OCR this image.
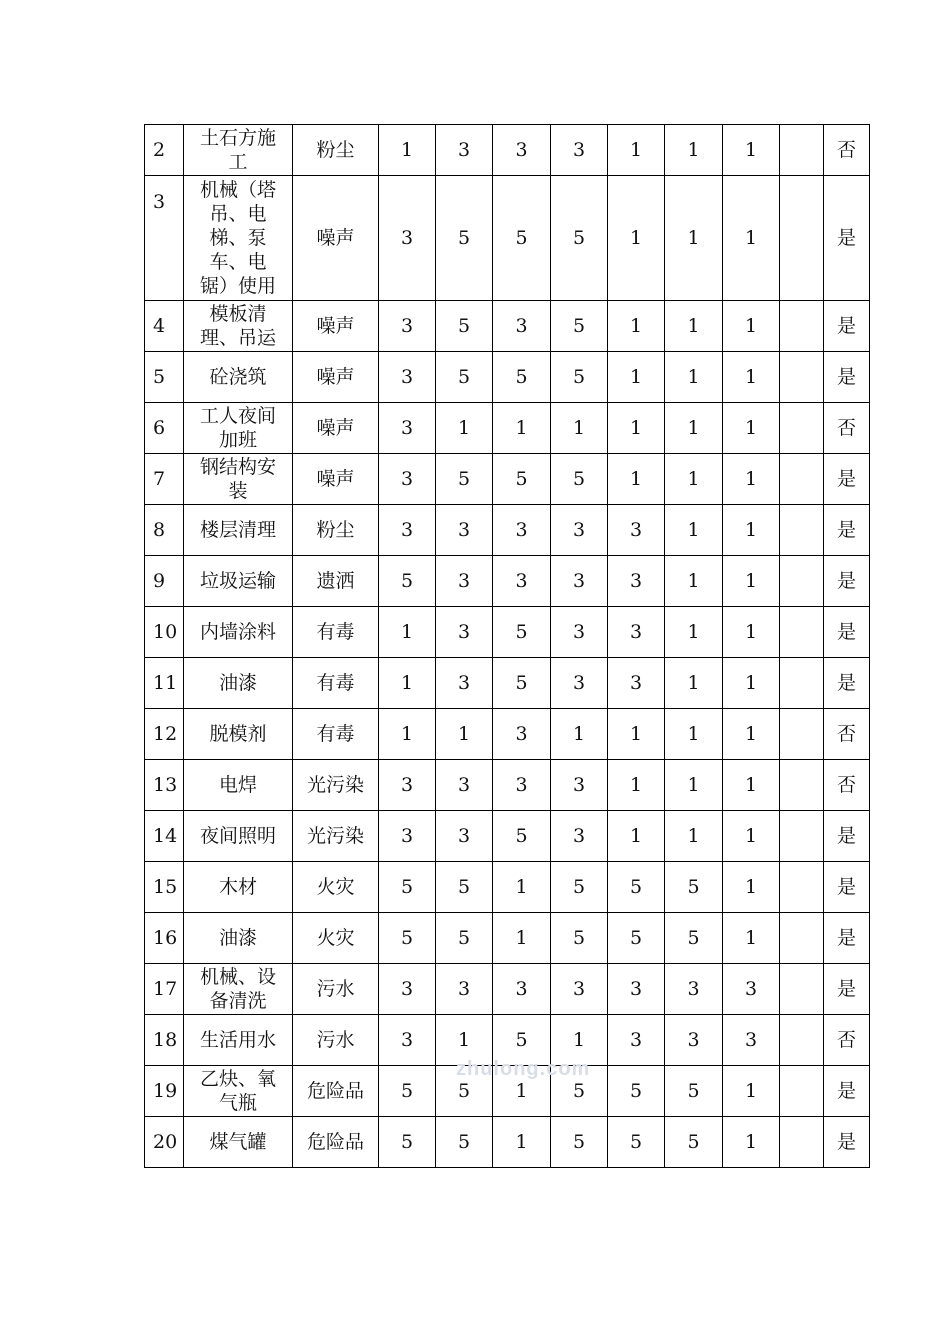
2	土石方施工	粉尘	1	3	3	3	1	1	1		否
3	机械（塔吊、电梯、泵车、电锯）使用	噪声	3	5	5	5	1	1	1		是
4	模板清理、吊运	噪声	3	5	3	5	1	1	1		是
5	砼浇筑	噪声	3	5	5	5	1	1	1		是
6	工人夜间加班	噪声	3	1	1	1	1	1	1		否
7	钢结构安装	噪声	3	5	5	5	1	1	1		是
8	楼层清理	粉尘	3	3	3	3	3	1	1		是
9	垃圾运输	遗洒	5	3	3	3	3	1	1		是
10	内墙涂料	有毒	1	3	5	3	3	1	1		是
11	油漆	有毒	1	3	5	3	3	1	1		是
12	脱模剂	有毒	1	1	3	1	1	1	1		否
13	电焊	光污染	3	3	3	3	1	1	1		否
14	夜间照明	光污染	3	3	5	3	1	1	1		是
15	木材	火灾	5	5	1	5	5	5	1		是
16	油漆	火灾	5	5	1	5	5	5	1		是
17	机械、设备清洗	污水	3	3	3	3	3	3	3		是
18	生活用水	污水	3	1	5	1	3	3	3		否
19	乙炔、氧气瓶	危险品	5	5	1	5	5	5	1		是
20	煤气罐	危险品	5	5	1	5	5	5	1		是
zhulong.com
